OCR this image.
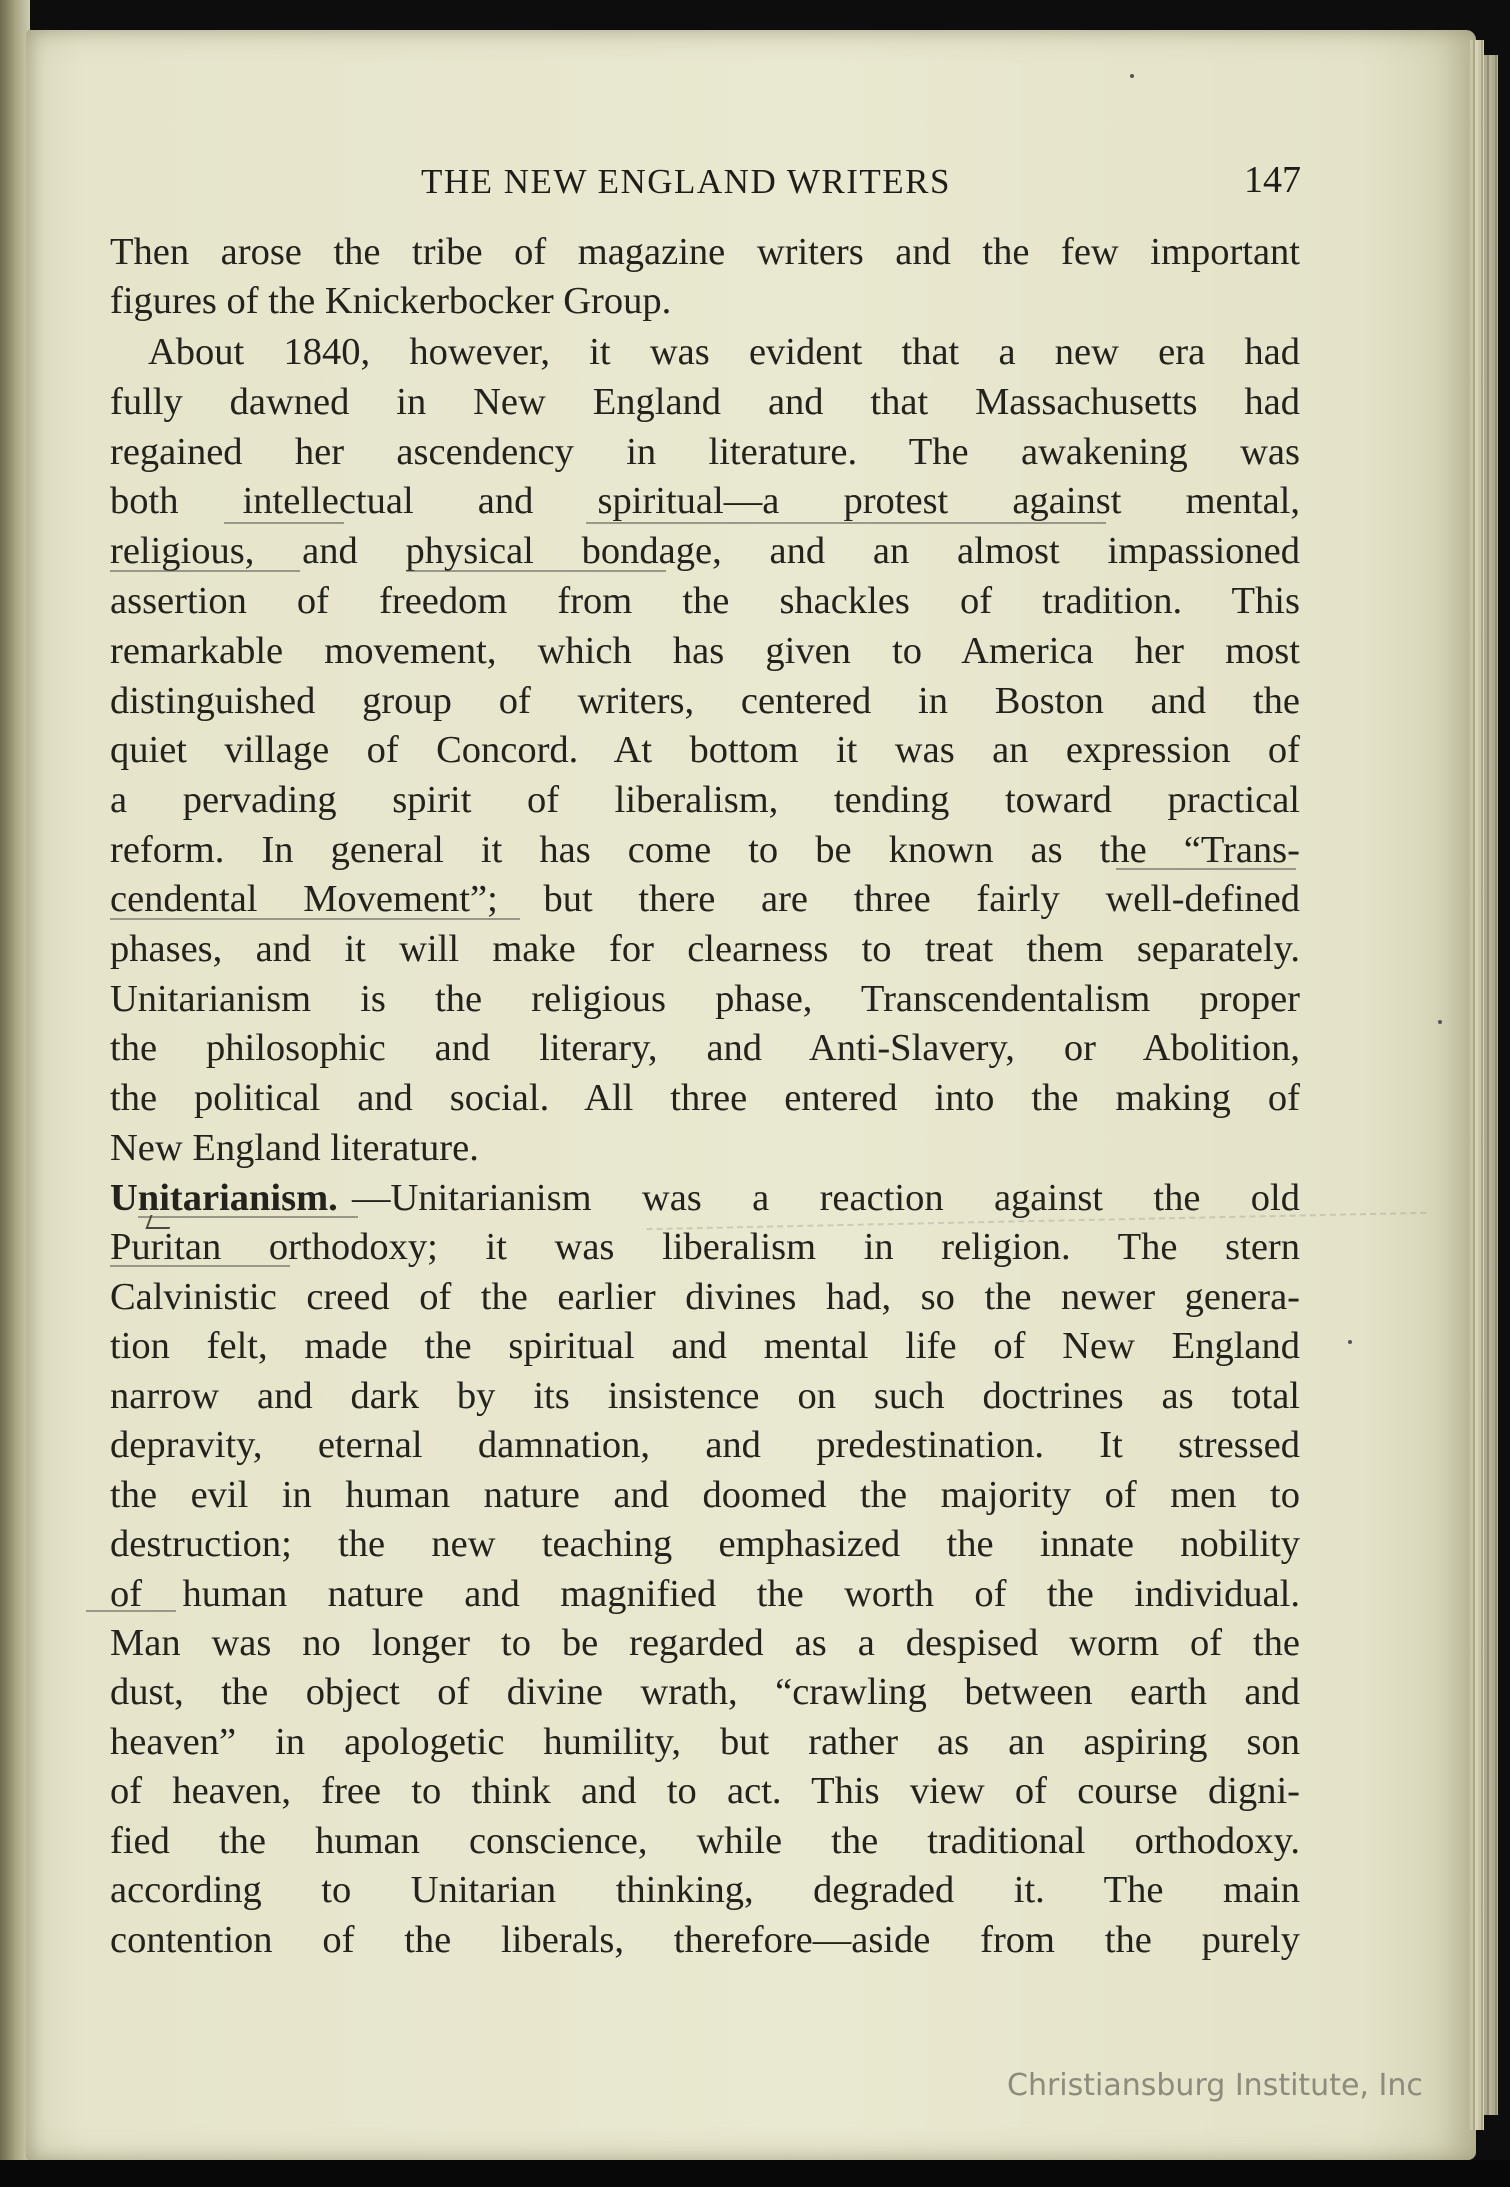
THE NEW ENGLAND WRITERS	147
Then arose the tribe of magazine writers and the few important
figures of the Knickerbocker Group.
About 1840, however, it was evident that a new era had
fully dawned in New England and that Massachusetts had
regained her ascendency in literature. The awakening was
both intellectual and spiritual—a protest against mental,
religious, and physical bondage, and an almost impassioned
assertion of freedom from the shackles of tradition. This
remarkable movement, which has given to America her most
distinguished group of writers, centered in Boston and the
quiet village of Concord. At bottom it was an expression of
a pervading spirit of liberalism, tending toward practical
reform. In general it has come to be known as the “Trans-
cendental Movement”; but there are three fairly well-defined
phases, and it will make for clearness to treat them separately.
Unitarianism is the religious phase, Transcendentalism proper
the philosophic and literary, and Anti-Slavery, or Abolition,
the political and social. All three entered into the making of
New England literature.
Unitarianism. —Unitarianism was a reaction against the old
Puritan orthodoxy; it was liberalism in religion. The stern
Calvinistic creed of the earlier divines had, so the newer genera-
tion felt, made the spiritual and mental life of New England
narrow and dark by its insistence on such doctrines as total
depravity, eternal damnation, and predestination. It stressed
the evil in human nature and doomed the majority of men to
destruction; the new teaching emphasized the innate nobility
of human nature and magnified the worth of the individual.
Man was no longer to be regarded as a despised worm of the
dust, the object of divine wrath, “crawling between earth and
heaven” in apologetic humility, but rather as an aspiring son
of heaven, free to think and to act. This view of course digni-
fied the human conscience, while the traditional orthodoxy.
according to Unitarian thinking, degraded it. The main
contention of the liberals, therefore—aside from the purely
Christiansburg Institute, Inc
